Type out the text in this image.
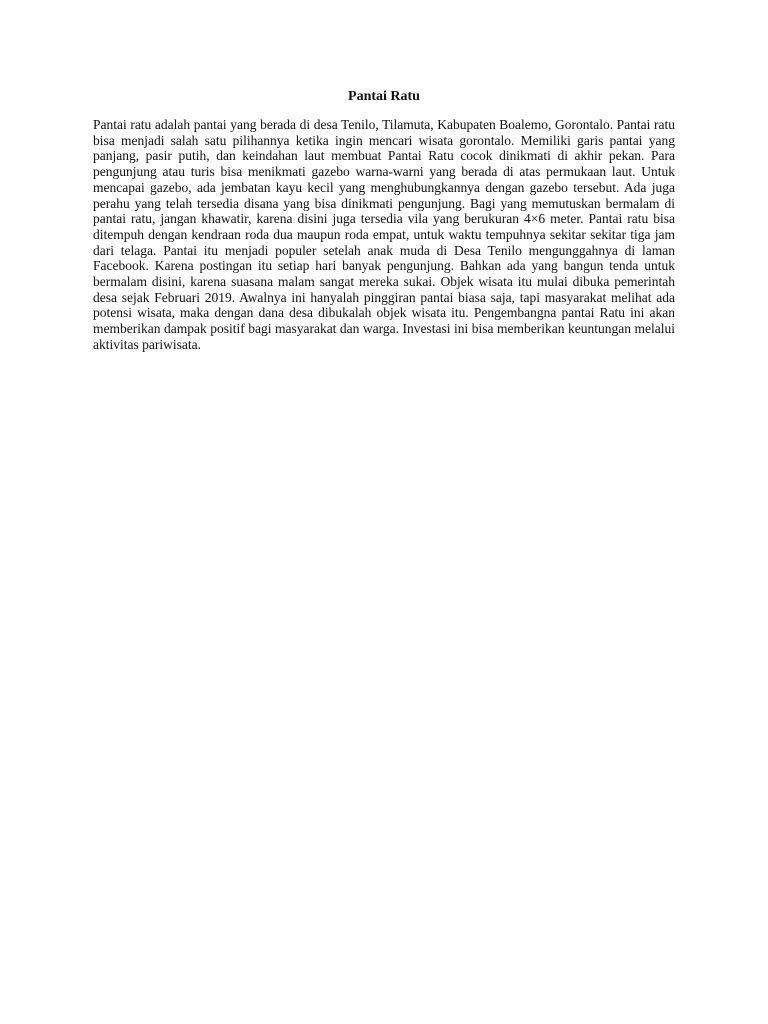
Pantai Ratu

Pantai ratu adalah pantai yang berada di desa Tenilo, Tilamuta, Kabupaten Boalemo, Gorontalo. Pantai ratu bisa menjadi salah satu pilihannya ketika ingin mencari wisata gorontalo. Memiliki garis pantai yang panjang, pasir putih, dan keindahan laut membuat Pantai Ratu cocok dinikmati di akhir pekan. Para pengunjung atau turis bisa menikmati gazebo warna-warni yang berada di atas permukaan laut. Untuk mencapai gazebo, ada jembatan kayu kecil yang menghubungkannya dengan gazebo tersebut. Ada juga perahu yang telah tersedia disana yang bisa dinikmati pengunjung. Bagi yang memutuskan bermalam di pantai ratu, jangan khawatir, karena disini juga tersedia vila yang berukuran 4×6 meter. Pantai ratu bisa ditempuh dengan kendraan roda dua maupun roda empat, untuk waktu tempuhnya sekitar sekitar tiga jam dari telaga. Pantai itu menjadi populer setelah anak muda di Desa Tenilo mengunggahnya di laman Facebook. Karena postingan itu setiap hari banyak pengunjung. Bahkan ada yang bangun tenda untuk bermalam disini, karena suasana malam sangat mereka sukai. Objek wisata itu mulai dibuka pemerintah desa sejak Februari 2019. Awalnya ini hanyalah pinggiran pantai biasa saja, tapi masyarakat melihat ada potensi wisata, maka dengan dana desa dibukalah objek wisata itu. Pengembangna pantai Ratu ini akan memberikan dampak positif bagi masyarakat dan warga. Investasi ini bisa memberikan keuntungan melalui aktivitas pariwisata.
